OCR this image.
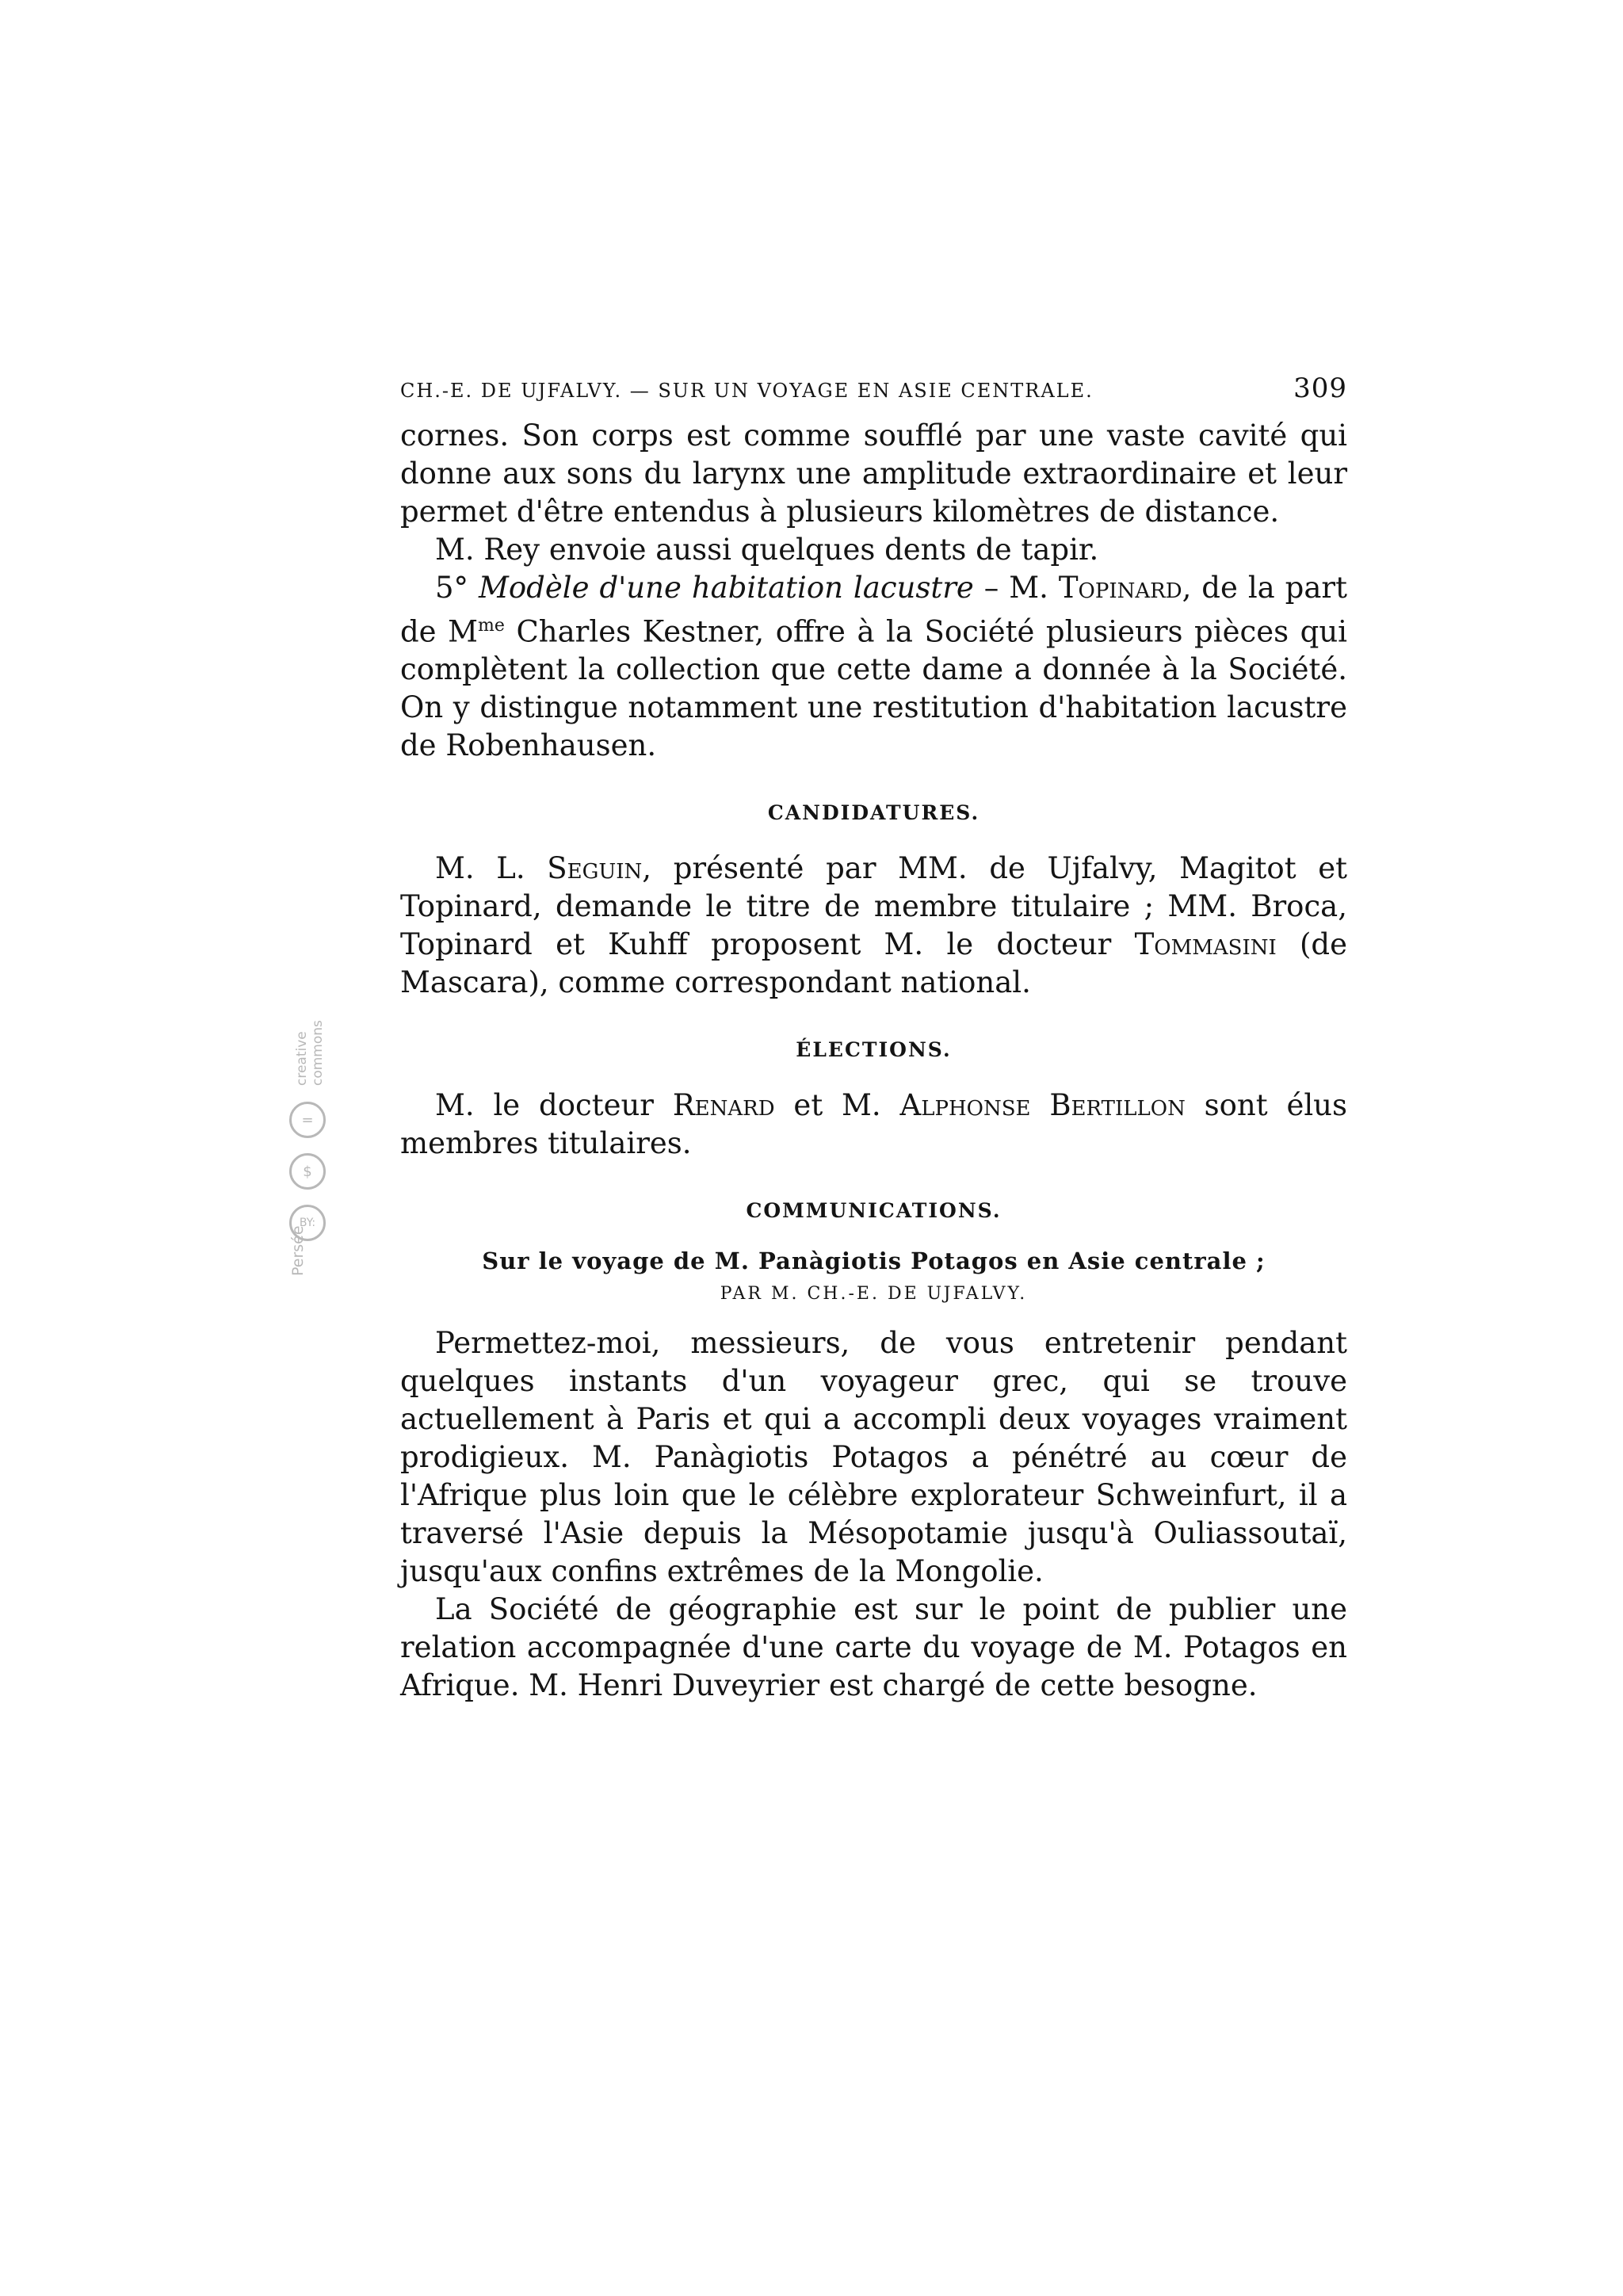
Persée
BY:
$
=
creative commons
CH.-E. DE UJFALVY. — SUR UN VOYAGE EN ASIE CENTRALE.	309

cornes. Son corps est comme soufflé par une vaste cavité qui donne aux sons du larynx une amplitude extraordinaire et leur permet d'être entendus à plusieurs kilomètres de distance.

M. Rey envoie aussi quelques dents de tapir.

5° Modèle d'une habitation lacustre – M. Topinard, de la part de $M^{me}$ Charles Kestner, offre à la Société plusieurs pièces qui complètent la collection que cette dame a donnée à la Société. On y distingue notamment une restitution d'habitation lacustre de Robenhausen.

CANDIDATURES.

M. L. Seguin, présenté par MM. de Ujfalvy, Magitot et Topinard, demande le titre de membre titulaire ; MM. Broca, Topinard et Kuhff proposent M. le docteur Tommasini (de Mascara), comme correspondant national.

ÉLECTIONS.

M. le docteur Renard et M. Alphonse Bertillon sont élus membres titulaires.

COMMUNICATIONS.
Sur le voyage de M. Panàgiotis Potagos en Asie centrale ;
PAR M. CH.-E. DE UJFALVY.

Permettez-moi, messieurs, de vous entretenir pendant quelques instants d'un voyageur grec, qui se trouve actuellement à Paris et qui a accompli deux voyages vraiment prodigieux. M. Panàgiotis Potagos a pénétré au cœur de l'Afrique plus loin que le célèbre explorateur Schweinfurt, il a traversé l'Asie depuis la Mésopotamie jusqu'à Ouliassoutaï, jusqu'aux confins extrêmes de la Mongolie.

La Société de géographie est sur le point de publier une relation accompagnée d'une carte du voyage de M. Potagos en Afrique. M. Henri Duveyrier est chargé de cette besogne.
